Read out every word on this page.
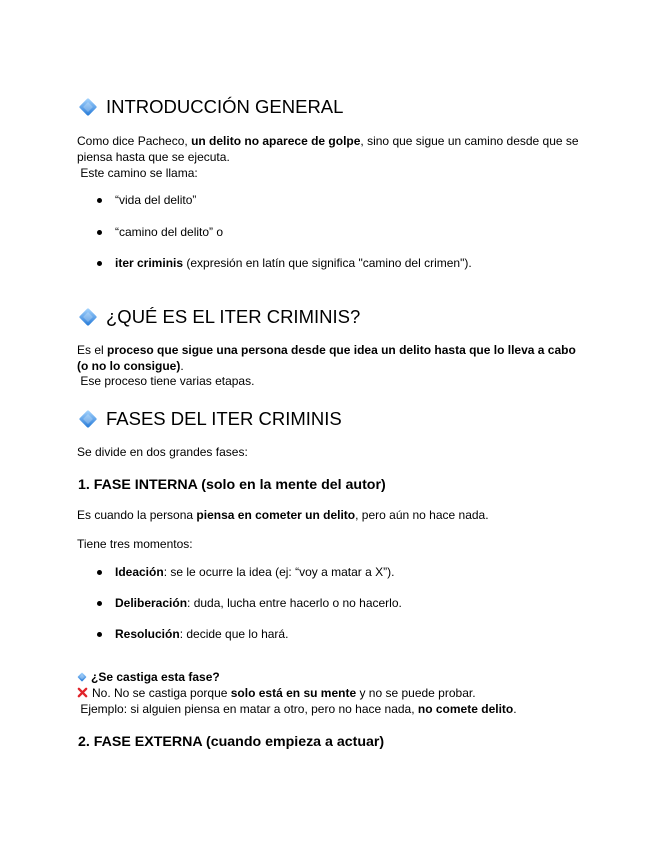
INTRODUCCIÓN GENERAL
Como dice Pacheco, un delito no aparece de golpe, sino que sigue un camino desde que se piensa hasta que se ejecuta.
Este camino se llama:
“vida del delito”
“camino del delito” o
iter criminis (expresión en latín que significa "camino del crimen").
¿QUÉ ES EL ITER CRIMINIS?
Es el proceso que sigue una persona desde que idea un delito hasta que lo lleva a cabo (o no lo consigue).
Ese proceso tiene varias etapas.
FASES DEL ITER CRIMINIS
Se divide en dos grandes fases:
1. FASE INTERNA (solo en la mente del autor)
Es cuando la persona piensa en cometer un delito, pero aún no hace nada.
Tiene tres momentos:
Ideación: se le ocurre la idea (ej: “voy a matar a X”).
Deliberación: duda, lucha entre hacerlo o no hacerlo.
Resolución: decide que lo hará.
¿Se castiga esta fase?
No. No se castiga porque solo está en su mente y no se puede probar.
Ejemplo: si alguien piensa en matar a otro, pero no hace nada, no comete delito.
2. FASE EXTERNA (cuando empieza a actuar)
